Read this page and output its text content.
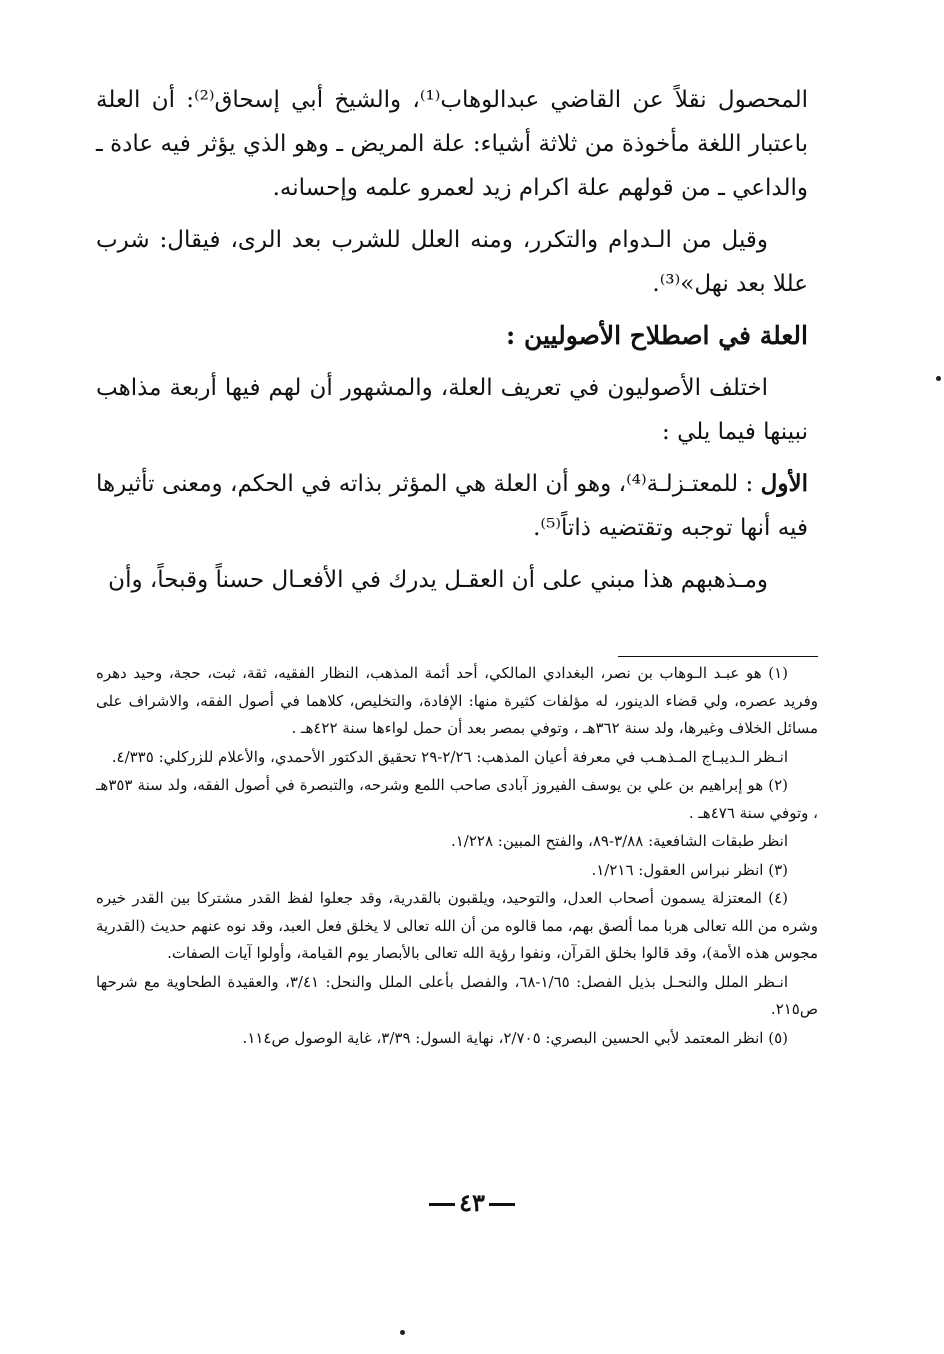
المحصول نقلاً عن القاضي عبدالوهاب⁽¹⁾، والشيخ أبي إسحاق⁽²⁾: أن العلة باعتبار اللغة مأخوذة من ثلاثة أشياء: علة المريض ـ وهو الذي يؤثر فيه عادة ـ والداعي ـ من قولهم علة اكرام زيد لعمرو علمه وإحسانه.

وقيل من الـدوام والتكرر، ومنه العلل للشرب بعد الرى، فيقال: شرب عللا بعد نهل»⁽³⁾.

العلة في اصطلاح الأصوليين :

اختلف الأصوليون في تعريف العلة، والمشهور أن لهم فيها أربعة مذاهب نبينها فيما يلي :

الأول : للمعتـزلـة⁽⁴⁾، وهو أن العلة هي المؤثر بذاته في الحكم، ومعنى تأثيرها فيه أنها توجبه وتقتضيه ذاتاً⁽⁵⁾.

ومـذهبهم هذا مبني على أن العقـل يدرك في الأفعـال حسناً وقبحاً، وأن

(١) هو عبـد الـوهاب بن نصر، البغدادي المالكي، أحد أئمة المذهب، النظار الفقيه، ثقة، ثبت، حجة، وحيد دهره وفريد عصره، ولي قضاء الدينور، له مؤلفات كثيرة منها: الإفادة، والتخليص، كلاهما في أصول الفقه، والاشراف على مسائل الخلاف وغيرها، ولد سنة ٣٦٢هـ ، وتوفي بمصر بعد أن حمل لواءها سنة ٤٢٢هـ .

انـظر الـديبـاج المـذهـب في معرفة أعيان المذهب: ٢/٢٦-٢٩ تحقيق الدكتور الأحمدي، والأعلام للزركلي: ٤/٣٣٥.

(٢) هو إبراهيم بن علي بن يوسف الفيروز آبادى صاحب اللمع وشرحه، والتبصرة في أصول الفقه، ولد سنة ٣٥٣هـ ، وتوفي سنة ٤٧٦هـ .

انظر طبقات الشافعية: ٣/٨٨-٨٩، والفتح المبين: ١/٢٢٨.

(٣) انظر نبراس العقول: ١/٢١٦.

(٤) المعتزلة يسمون أصحاب العدل، والتوحيد، ويلقبون بالقدرية، وقد جعلوا لفظ القدر مشتركا بين القدر خيره وشره من الله تعالى هربا مما ألصق بهم، مما قالوه من أن الله تعالى لا يخلق فعل العبد، وقد نوه عنهم حديث (القدرية مجوس هذه الأمة)، وقد قالوا بخلق القرآن، ونفوا رؤية الله تعالى بالأبصار يوم القيامة، وأولوا آيات الصفات.

انـظر الملل والنحـل بذيل الفصل: ١/٦٥-٦٨، والفصل بأعلى الملل والنحل: ٣/٤١، والعقيدة الطحاوية مع شرحها ص٢١٥.

(٥) انظر المعتمد لأبي الحسين البصري: ٢/٧٠٥، نهاية السول: ٣/٣٩، غاية الوصول ص١١٤.

٤٣
